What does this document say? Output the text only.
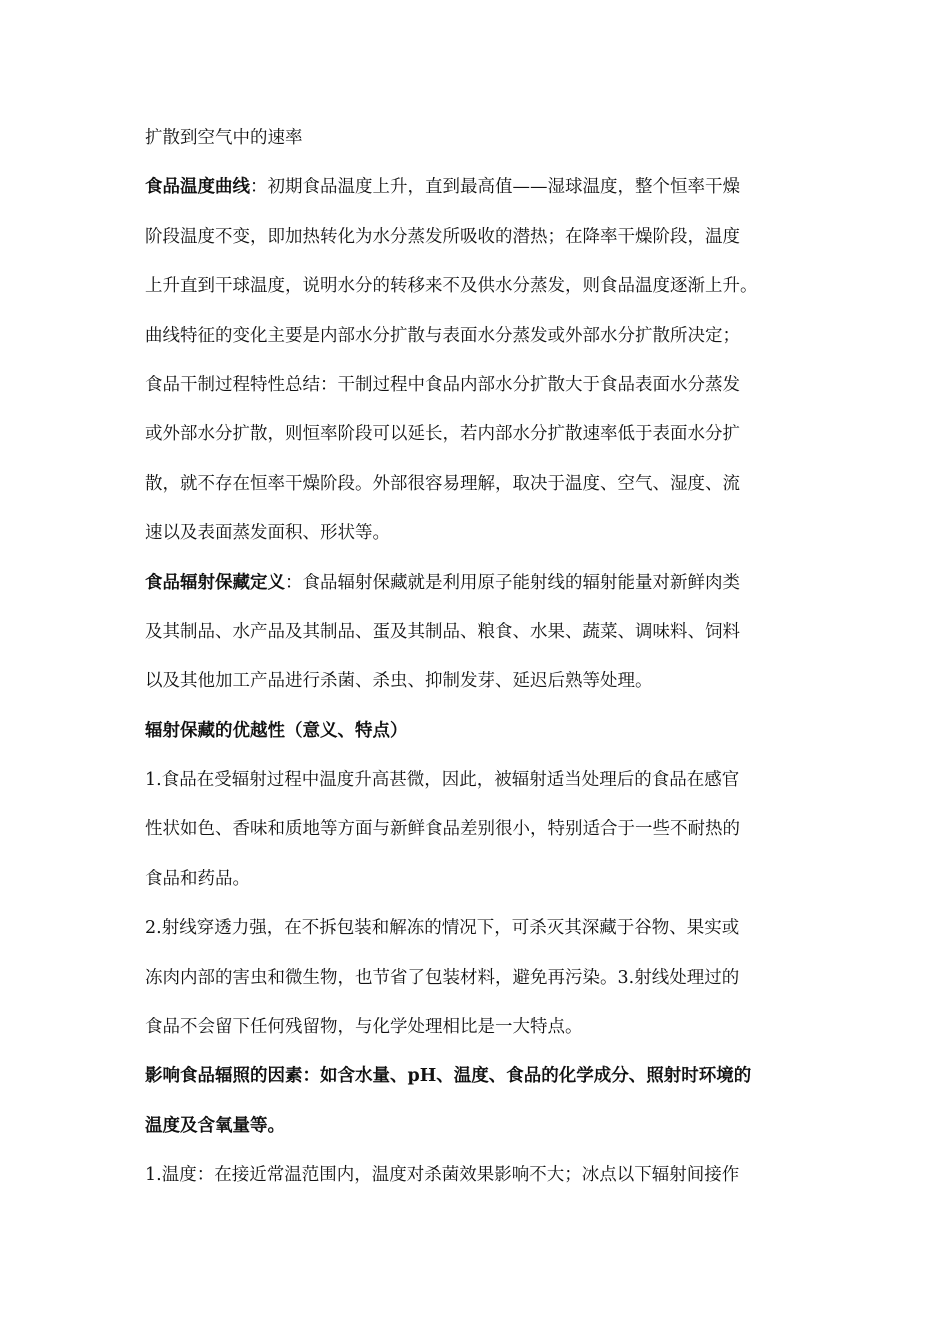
扩散到空气中的速率
食品温度曲线：初期食品温度上升，直到最高值——湿球温度，整个恒率干燥
阶段温度不变，即加热转化为水分蒸发所吸收的潜热；在降率干燥阶段，温度
上升直到干球温度，说明水分的转移来不及供水分蒸发，则食品温度逐渐上升。
曲线特征的变化主要是内部水分扩散与表面水分蒸发或外部水分扩散所决定；
食品干制过程特性总结：干制过程中食品内部水分扩散大于食品表面水分蒸发
或外部水分扩散，则恒率阶段可以延长，若内部水分扩散速率低于表面水分扩
散，就不存在恒率干燥阶段。外部很容易理解，取决于温度、空气、湿度、流
速以及表面蒸发面积、形状等。
食品辐射保藏定义：食品辐射保藏就是利用原子能射线的辐射能量对新鲜肉类
及其制品、水产品及其制品、蛋及其制品、粮食、水果、蔬菜、调味料、饲料
以及其他加工产品进行杀菌、杀虫、抑制发芽、延迟后熟等处理。
辐射保藏的优越性（意义、特点）
1.食品在受辐射过程中温度升高甚微，因此，被辐射适当处理后的食品在感官
性状如色、香味和质地等方面与新鲜食品差别很小，特别适合于一些不耐热的
食品和药品。
2.射线穿透力强，在不拆包装和解冻的情况下，可杀灭其深藏于谷物、果实或
冻肉内部的害虫和微生物，也节省了包装材料，避免再污染。3.射线处理过的
食品不会留下任何残留物，与化学处理相比是一大特点。
影响食品辐照的因素：如含水量、pH、温度、食品的化学成分、照射时环境的
温度及含氧量等。
1.温度：在接近常温范围内，温度对杀菌效果影响不大；冰点以下辐射间接作
